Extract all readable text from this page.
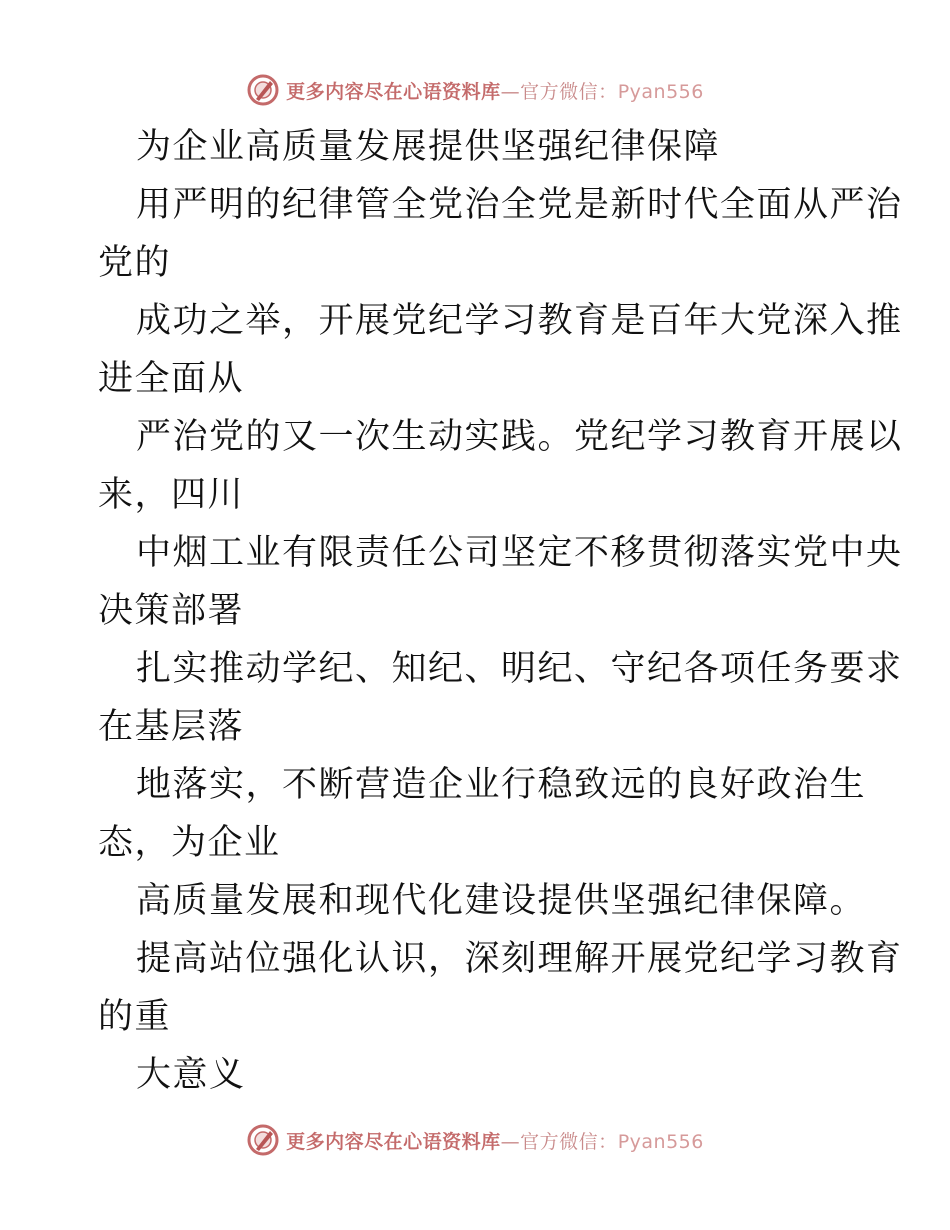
更多内容尽在心语资料库—官方微信：Pyan556
为企业高质量发展提供坚强纪律保障
用严明的纪律管全党治全党是新时代全面从严治
党的
成功之举，开展党纪学习教育是百年大党深入推
进全面从
严治党的又一次生动实践。党纪学习教育开展以
来，四川
中烟工业有限责任公司坚定不移贯彻落实党中央
决策部署
扎实推动学纪、知纪、明纪、守纪各项任务要求
在基层落
地落实，不断营造企业行稳致远的良好政治生
态，为企业
高质量发展和现代化建设提供坚强纪律保障。
提高站位强化认识，深刻理解开展党纪学习教育
的重
大意义
更多内容尽在心语资料库—官方微信：Pyan556
